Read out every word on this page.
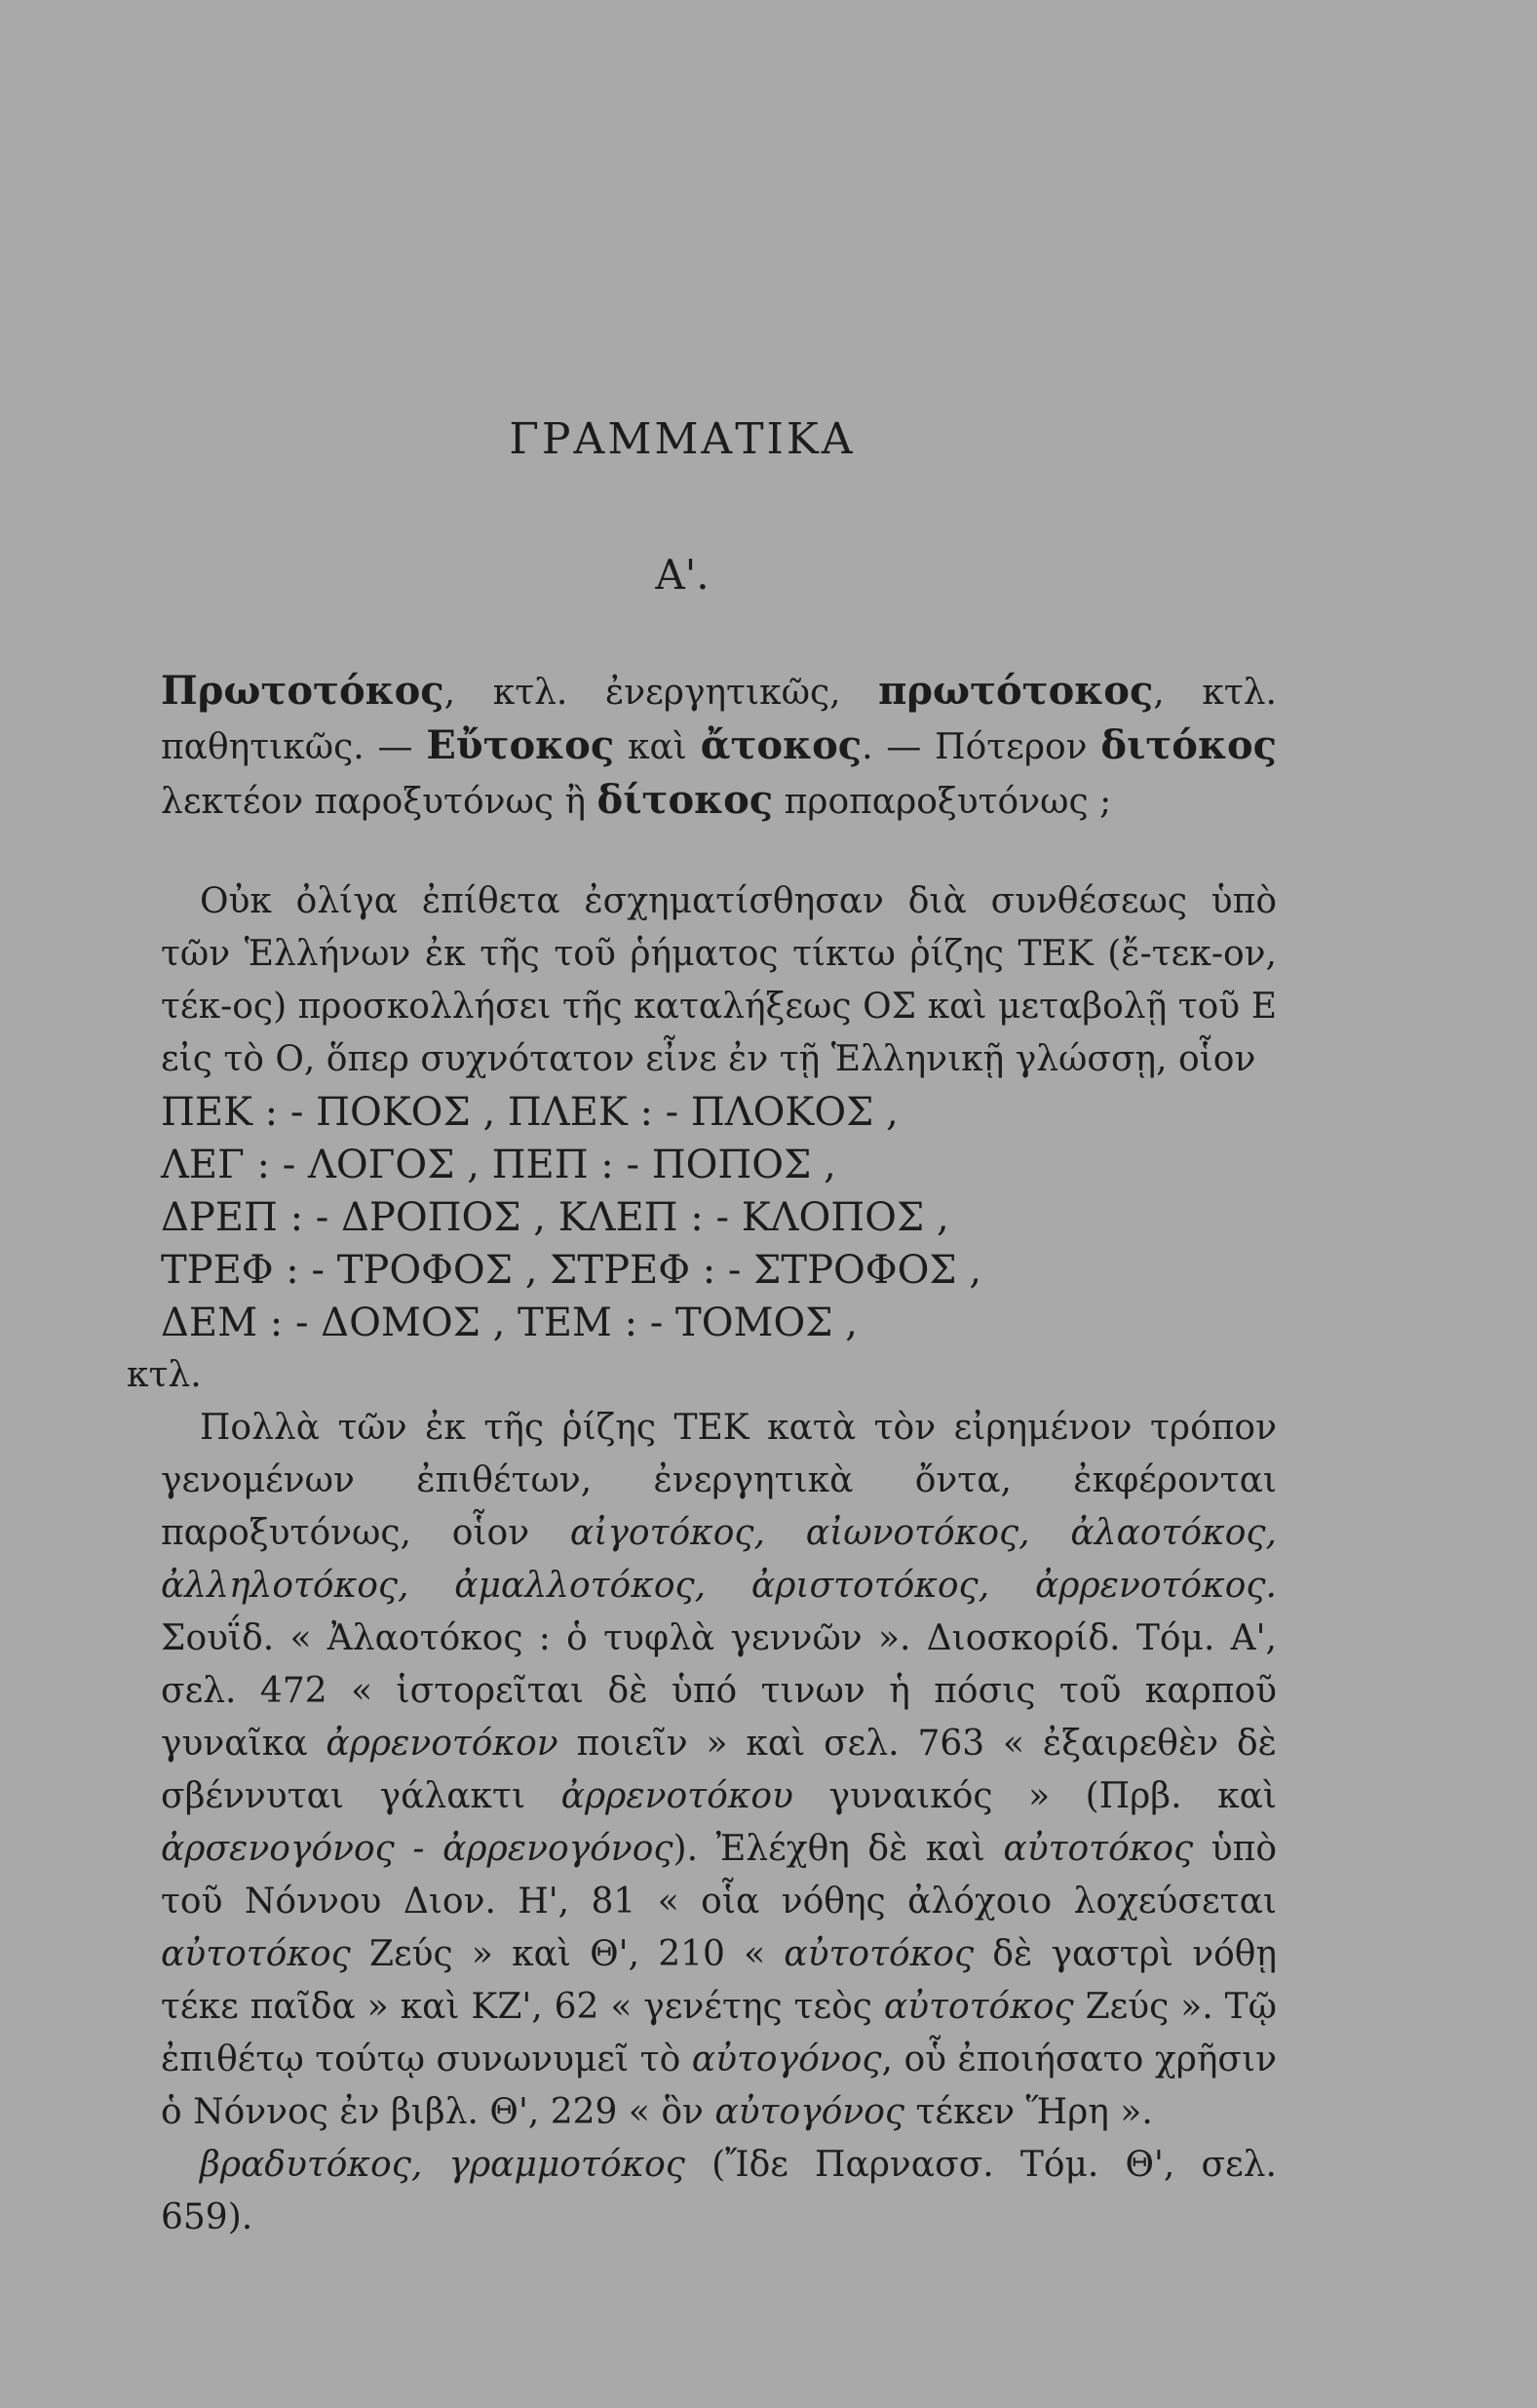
ΓΡΑΜΜΑΤΙΚΑ
Α'.

Πρωτοτόκος, κτλ. ἐνεργητικῶς, πρωτότοκος, κτλ. παθητικῶς. — Εὔτοκος καὶ ἄτοκος. — Πότερον διτόκος λεκτέον παροξυτόνως ἢ δίτοκος προπαροξυτόνως ;

Οὐκ ὀλίγα ἐπίθετα ἐσχηματίσθησαν διὰ συνθέσεως ὑπὸ τῶν Ἑλλήνων ἐκ τῆς τοῦ ῥήματος τίκτω ῥίζης ΤΕΚ (ἔ-τεκ-ον, τέκ-ος) προσκολλήσει τῆς καταλήξεως ΟΣ καὶ μεταβολῇ τοῦ Ε εἰς τὸ Ο, ὅπερ συχνότατον εἶνε ἐν τῇ Ἑλληνικῇ γλώσσῃ, οἷον

ΠΕΚ : - ΠΟΚΟΣ , ΠΛΕΚ : - ΠΛΟΚΟΣ ,
ΛΕΓ : - ΛΟΓΟΣ , ΠΕΠ : - ΠΟΠΟΣ ,
ΔΡΕΠ : - ΔΡΟΠΟΣ , ΚΛΕΠ : - ΚΛΟΠΟΣ ,
ΤΡΕΦ : - ΤΡΟΦΟΣ , ΣΤΡΕΦ : - ΣΤΡΟΦΟΣ ,
ΔΕΜ : - ΔΟΜΟΣ , ΤΕΜ : - ΤΟΜΟΣ ,
κτλ.

Πολλὰ τῶν ἐκ τῆς ῥίζης ΤΕΚ κατὰ τὸν εἰρημένον τρόπον γενομένων ἐπιθέτων, ἐνεργητικὰ ὄντα, ἐκφέρονται παροξυτόνως, οἷον αἰγοτόκος, αἰωνοτόκος, ἀλαοτόκος, ἀλληλοτόκος, ἀμαλλοτόκος, ἀριστοτόκος, ἀρρενοτόκος. Σουΐδ. « Ἀλαοτόκος : ὁ τυφλὰ γεννῶν ». Διοσκορίδ. Τόμ. Α', σελ. 472 « ἱστορεῖται δὲ ὑπό τινων ἡ πόσις τοῦ καρποῦ γυναῖκα ἀρρενοτόκον ποιεῖν » καὶ σελ. 763 « ἐξαιρεθὲν δὲ σβέννυται γάλακτι ἀρρενοτόκου γυναικός » (Πρβ. καὶ ἀρσενογόνος - ἀρρενογόνος). Ἐλέχθη δὲ καὶ αὐτοτόκος ὑπὸ τοῦ Νόννου Διον. Η', 81 « οἷα νόθης ἀλόχοιο λοχεύσεται αὐτοτόκος Ζεύς » καὶ Θ', 210 « αὐτοτόκος δὲ γαστρὶ νόθῃ τέκε παῖδα » καὶ ΚΖ', 62 « γενέτης τεὸς αὐτοτόκος Ζεύς ». Τῷ ἐπιθέτῳ τούτῳ συνωνυμεῖ τὸ αὐτογόνος, οὗ ἐποιήσατο χρῆσιν ὁ Νόννος ἐν βιβλ. Θ', 229 « ὃν αὐτογόνος τέκεν Ἥρη ».

βραδυτόκος, γραμμοτόκος (Ἴδε Παρνασσ. Τόμ. Θ', σελ. 659).
